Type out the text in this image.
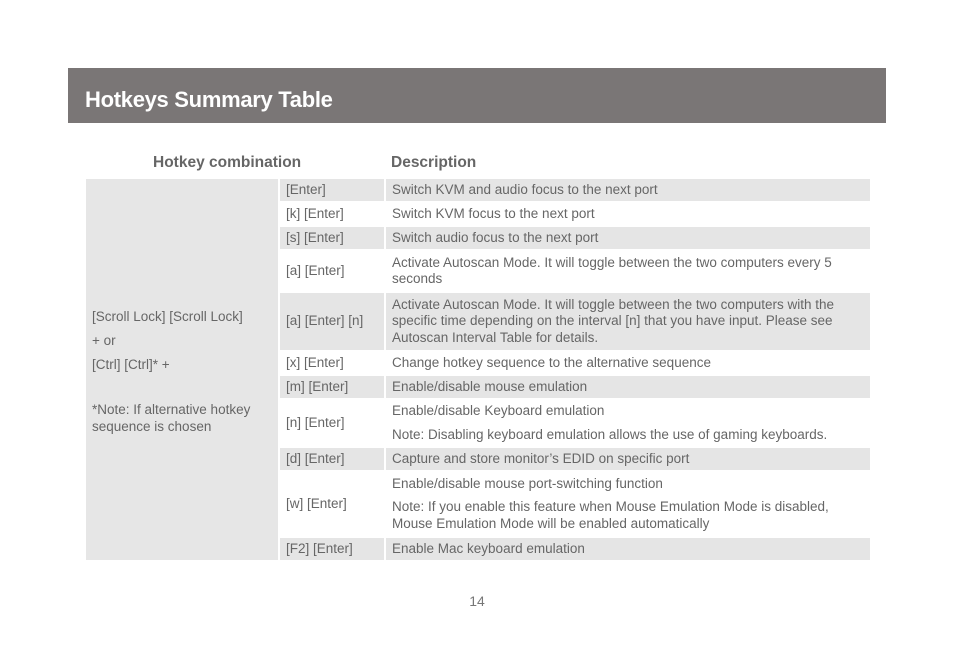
Hotkeys Summary Table
Hotkey combination	Description

[Scroll Lock] [Scroll Lock]

+ or

[Ctrl] [Ctrl]* +

*Note: If alternative hotkey sequence is chosen	[Enter]	Switch KVM and audio focus to the next port
	[k] [Enter]	Switch KVM focus to the next port
	[s] [Enter]	Switch audio focus to the next port
	[a] [Enter]	Activate Autoscan Mode. It will toggle between the two computers every 5 seconds
	[a] [Enter] [n]	Activate Autoscan Mode. It will toggle between the two computers with the specific time depending on the interval [n] that you have input. Please see Autoscan Interval Table for details.
	[x] [Enter]	Change hotkey sequence to the alternative sequence
	[m] [Enter]	Enable/disable mouse emulation
	[n] [Enter]	Enable/disable Keyboard emulation
Note: Disabling keyboard emulation allows the use of gaming keyboards.

	[d] [Enter]	Capture and store monitor’s EDID on specific port
	[w] [Enter]	Enable/disable mouse port-switching function
Note: If you enable this feature when Mouse Emulation Mode is disabled, Mouse Emulation Mode will be enabled automatically

	[F2] [Enter]	Enable Mac keyboard emulation
14
